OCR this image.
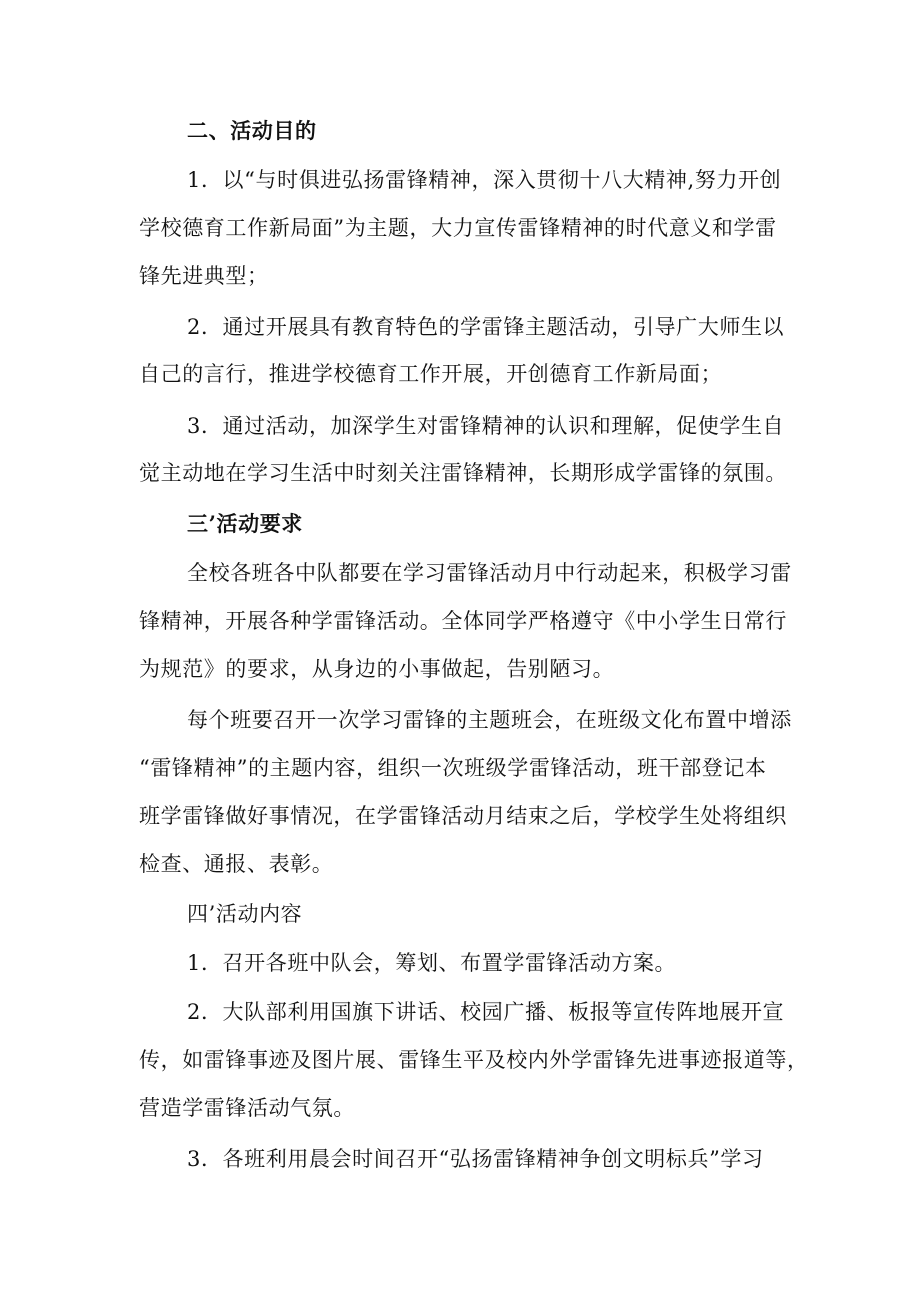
二、活动目的
1．以“与时俱进弘扬雷锋精神，深入贯彻十八大精神,努力开创
学校德育工作新局面”为主题，大力宣传雷锋精神的时代意义和学雷
锋先进典型；
2．通过开展具有教育特色的学雷锋主题活动，引导广大师生以
自己的言行，推进学校德育工作开展，开创德育工作新局面；
3．通过活动，加深学生对雷锋精神的认识和理解，促使学生自
觉主动地在学习生活中时刻关注雷锋精神，长期形成学雷锋的氛围。
三’活动要求
全校各班各中队都要在学习雷锋活动月中行动起来，积极学习雷
锋精神，开展各种学雷锋活动。全体同学严格遵守《中小学生日常行
为规范》的要求，从身边的小事做起，告别陋习。
每个班要召开一次学习雷锋的主题班会，在班级文化布置中增添
“雷锋精神”的主题内容，组织一次班级学雷锋活动，班干部登记本
班学雷锋做好事情况，在学雷锋活动月结束之后，学校学生处将组织
检查、通报、表彰。
四’活动内容
1．召开各班中队会，筹划、布置学雷锋活动方案。
2．大队部利用国旗下讲话、校园广播、板报等宣传阵地展开宣
传，如雷锋事迹及图片展、雷锋生平及校内外学雷锋先进事迹报道等，
营造学雷锋活动气氛。
3．各班利用晨会时间召开“弘扬雷锋精神争创文明标兵”学习
